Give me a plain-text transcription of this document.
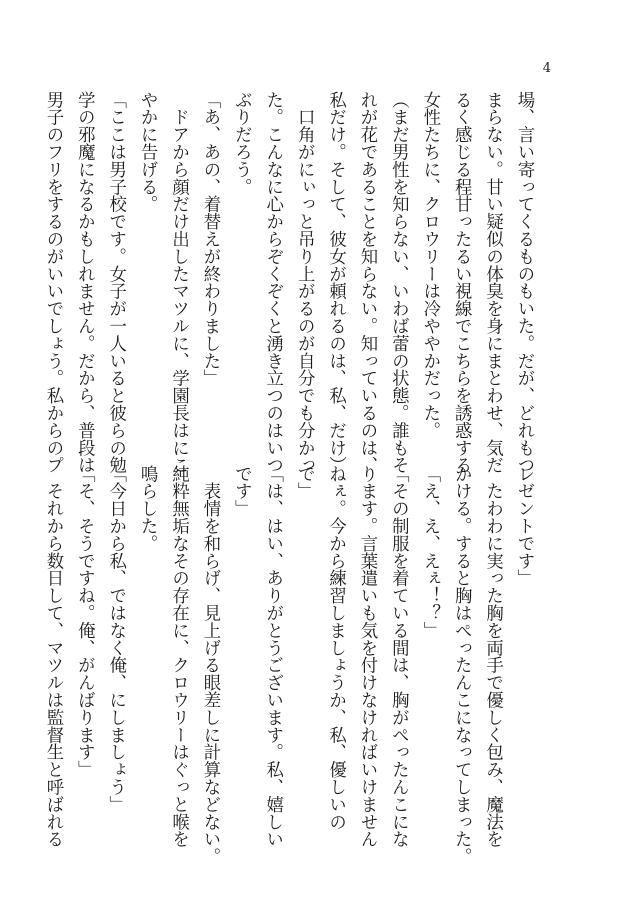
4
場、言い寄ってくるものもいた。だが、どれもつ
まらない。甘い疑似の体臭を身にまとわせ、気だ
るく感じる程甘ったるい視線でこちらを誘惑する
女性たちに、クロウリーは冷ややかだった。
（まだ男性を知らない、いわば蕾の状態。誰もそ
れが花であることを知らない。知っているのは、
私だけ。そして、彼女が頼れるのは、私、だけ）
　口角がにぃっと吊り上がるのが自分でも分かっ
た。こんなに心からぞくぞくと湧き立つのはいつ
ぶりだろう。
「あ、あの、着替えが終わりました」
　ドアから顔だけ出したマツルに、学園長はにこ
やかに告げる。
「ここは男子校です。女子が一人いると彼らの勉
学の邪魔になるかもしれません。だから、普段は
男子のフリをするのがいいでしょう。私からのプ
レゼントです」
　たわわに実った胸を両手で優しく包み、魔法を
かける。すると胸はぺったんこになってしまった。
「え、え、えぇ！？」
「その制服を着ている間は、胸がぺったんこにな
ります。言葉遣いも気を付けなければいけません
ねぇ。今から練習しましょうか、私、優しいの
で」
「は、はい、ありがとうございます。私、嬉しい
です」
　表情を和らげ、見上げる眼差しに計算などない。
純粋無垢なその存在に、クロウリーはぐっと喉を
鳴らした。
「今日から私、ではなく俺、にしましょう」
「そ、そうですね。俺、がんばります」
　それから数日して、マツルは監督生と呼ばれる
